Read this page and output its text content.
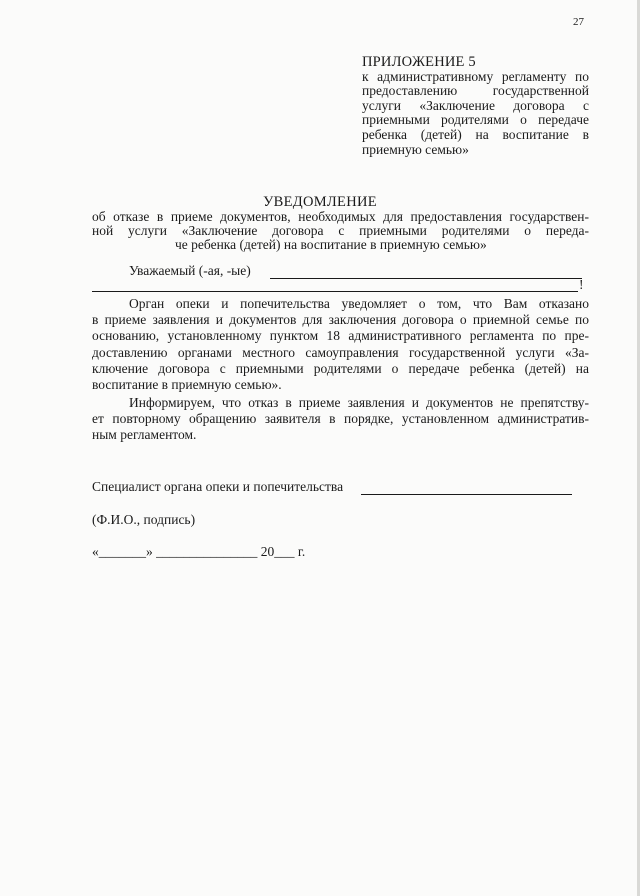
27
ПРИЛОЖЕНИЕ 5
к административному регламенту по
предоставлению государственной
услуги «Заключение договора с
приемными родителями о передаче
ребенка (детей) на воспитание в
приемную семью»
УВЕДОМЛЕНИЕ
об отказе в приеме документов, необходимых для предоставления государствен-
ной услуги «Заключение договора с приемными родителями о переда-
че ребенка (детей) на воспитание в приемную семью»
Уважаемый (-ая, -ые)
!
Орган опеки и попечительства уведомляет о том, что Вам отказано
в приеме заявления и документов для заключения договора о приемной семье по
основанию, установленному пунктом 18 административного регламента по пре-
доставлению органами местного самоуправления государственной услуги «За-
ключение договора с приемными родителями о передаче ребенка (детей) на
воспитание в приемную семью».
Информируем, что отказ в приеме заявления и документов не препятству-
ет повторному обращению заявителя в порядке, установленном административ-
ным регламентом.
Специалист органа опеки и попечительства
(Ф.И.О., подпись)
«_______» _______________ 20___ г.
